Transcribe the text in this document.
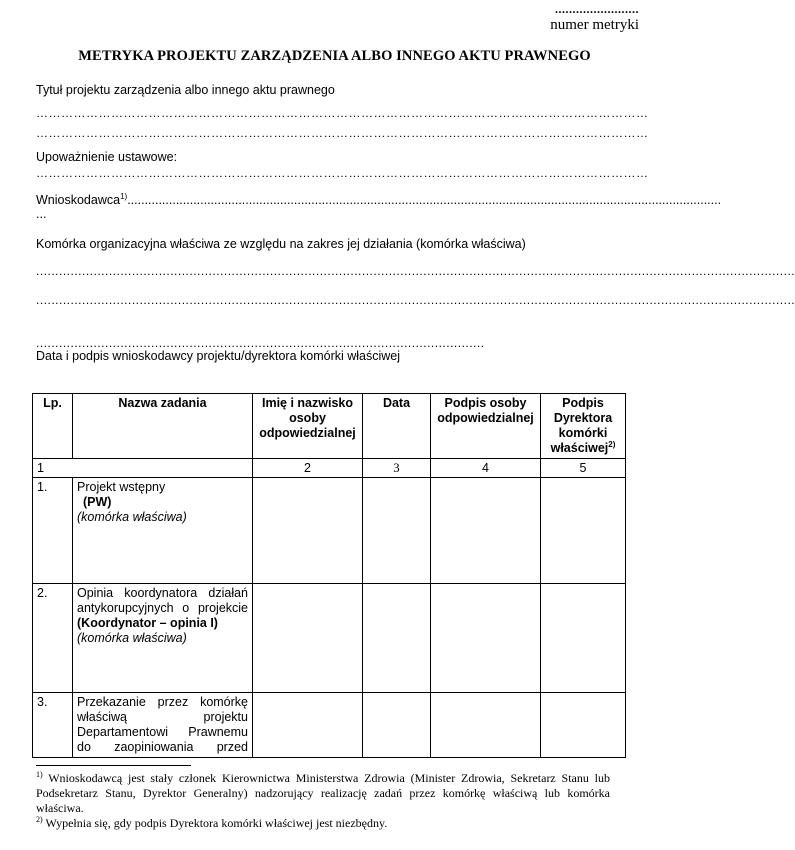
........................
numer metryki
METRYKA PROJEKTU ZARZĄDZENIA ALBO INNEGO AKTU PRAWNEGO
Tytuł projektu zarządzenia albo innego aktu prawnego
…………………………………………………………………………………………………………………………………
…………………………………………………………………………………………………………………………………
Upoważnienie ustawowe:
…………………………………………………………………………………………………………………………………
Wnioskodawca$^{1)}$...........................................................................................................................................................................
...
Komórka organizacyjna właściwa ze względu na zakres jej działania (komórka właściwa)
......................................................................................................................................................................................................
......................................................................................................................................................................................................
.....................................................................................................................
Data i podpis wnioskodawcy projektu/dyrektora komórki właściwej
Lp.	Nazwa zadania	Imię i nazwisko osoby odpowiedzialnej	Data	Podpis osoby odpowiedzialnej	Podpis Dyrektora komórki właściwej$^{2)}$
1		2	3	4	5
1.	Projekt wstępny
(PW)
(komórka właściwa)				

2.	Opinia koordynatora działań
antykorupcyjnych o projekcie
(Koordynator – opinia I)
(komórka właściwa)				

3.	Przekazanie przez komórkę
właściwą projektu
Departamentowi Prawnemu
do zaopiniowania przed				

$^{1)}$ Wnioskodawcą jest stały członek Kierownictwa Ministerstwa Zdrowia (Minister Zdrowia, Sekretarz Stanu lub Podsekretarz Stanu, Dyrektor Generalny) nadzorujący realizację zadań przez komórkę właściwą lub komórka właściwa.

$^{2)}$ Wypełnia się, gdy podpis Dyrektora komórki właściwej jest niezbędny.
